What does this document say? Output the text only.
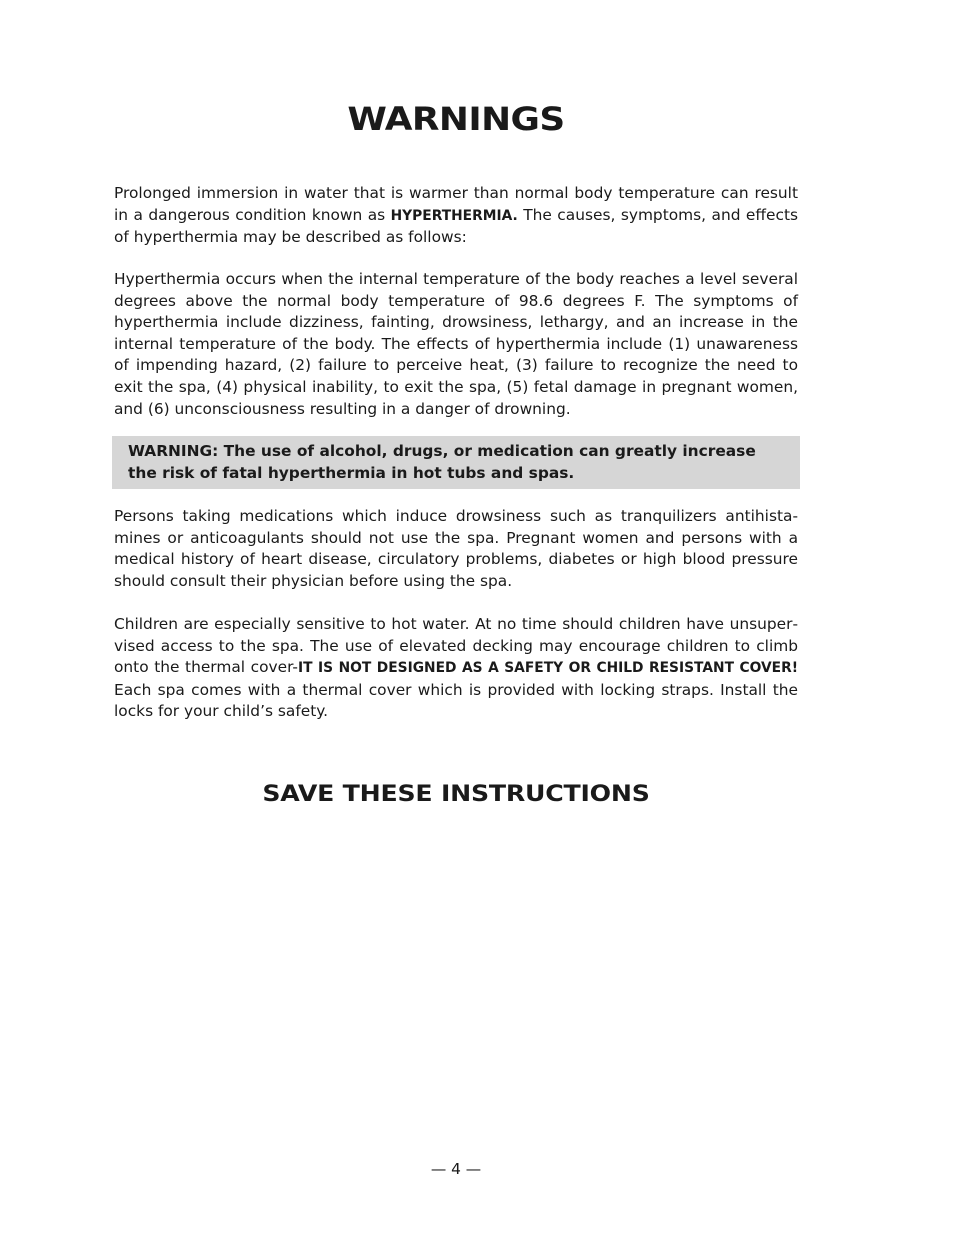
WARNINGS

Prolonged immersion in water that is warmer than normal body temperature can result in a dangerous condition known as HYPERTHERMIA. The causes, symptoms, and effects of hyperthermia may be described as follows:

Hyperthermia occurs when the internal temperature of the body reaches a level several degrees above the normal body temperature of 98.6 degrees F. The symptoms of hyperthermia include dizziness, fainting, drowsiness, lethargy, and an increase in the internal temperature of the body. The effects of hyperthermia include (1) unawareness of impending hazard, (2) failure to perceive heat, (3) failure to recognize the need to exit the spa, (4) physical inability, to exit the spa, (5) fetal damage in pregnant women, and (6) unconsciousness resulting in a danger of drowning.

WARNING: The use of alcohol, drugs, or medication can greatly increase the risk of fatal hyperthermia in hot tubs and spas.

Persons taking medications which induce drowsiness such as tranquilizers antihistamines or anticoagulants should not use the spa. Pregnant women and persons with a medical history of heart disease, circulatory problems, diabetes or high blood pressure should consult their physician before using the spa.

Children are especially sensitive to hot water. At no time should children have unsupervised access to the spa. The use of elevated decking may encourage children to climb onto the thermal cover-IT IS NOT DESIGNED AS A SAFETY OR CHILD RESISTANT COVER! Each spa comes with a thermal cover which is provided with locking straps. Install the locks for your child’s safety.

SAVE THESE INSTRUCTIONS
— 4 —
